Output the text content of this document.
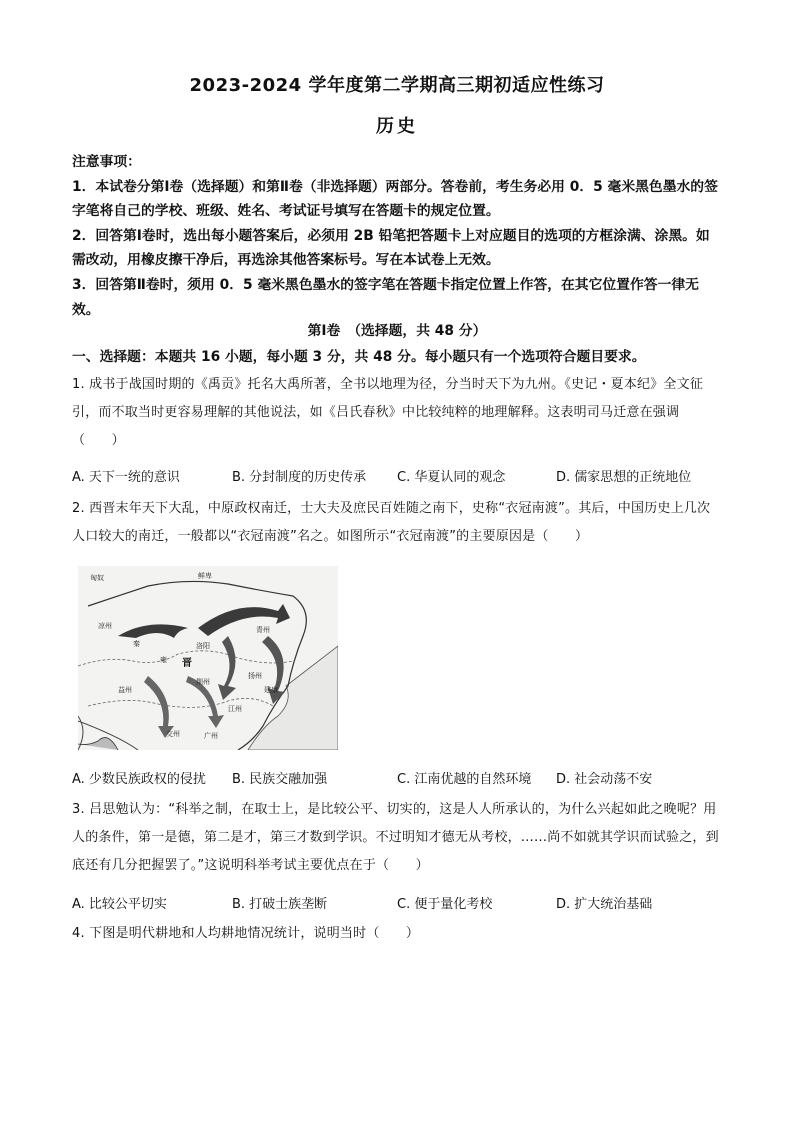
2023-2024 学年度第二学期高三期初适应性练习
历史

注意事项：

1．本试卷分第Ⅰ卷（选择题）和第Ⅱ卷（非选择题）两部分。答卷前，考生务必用 0．5 毫米黑色墨水的签字笔将自己的学校、班级、姓名、考试证号填写在答题卡的规定位置。

2．回答第Ⅰ卷时，选出每小题答案后，必须用 2B 铅笔把答题卡上对应题目的选项的方框涂满、涂黑。如需改动，用橡皮擦干净后，再选涂其他答案标号。写在本试卷上无效。

3．回答第Ⅱ卷时，须用 0．5 毫米黑色墨水的签字笔在答题卡指定位置上作答，在其它位置作答一律无效。

第Ⅰ卷　（选择题，共 48 分）
一、选择题：本题共 16 小题，每小题 3 分，共 48 分。每小题只有一个选项符合题目要求。

1. 成书于战国时期的《禹贡》托名大禹所著，全书以地理为径，分当时天下为九州。《史记・夏本纪》全文征引，而不取当时更容易理解的其他说法，如《吕氏春秋》中比较纯粹的地理解释。这表明司马迁意在强调（　　）

A. 天下一统的意识	B. 分封制度的历史传承 C. 华夏认同的观念	D. 儒家思想的正统地位

2. 西晋末年天下大乱，中原政权南迁，士大夫及庶民百姓随之南下，史称“衣冠南渡”。其后，中国历史上几次人口较大的南迁，一般都以“衣冠南渡”名之。如图所示“衣冠南渡”的主要原因是（　　）

匈奴	鲜卑
凉州
秦
雍
洛阳
青州
扬州
荆州
益州
江州
交州	广州
建康
晋
A. 少数民族政权的侵扰 B. 民族交融加强	C. 江南优越的自然环境 D. 社会动荡不安

3. 吕思勉认为：“科举之制，在取士上，是比较公平、切实的，这是人人所承认的，为什么兴起如此之晚呢？用人的条件，第一是德，第二是才，第三才数到学识。不过明知才德无从考校，……尚不如就其学识而试验之，到底还有几分把握罢了。”这说明科举考试主要优点在于（　　）

A. 比较公平切实	B. 打破士族垄断	C. 便于量化考校	D. 扩大统治基础

4. 下图是明代耕地和人均耕地情况统计，说明当时（　　）
